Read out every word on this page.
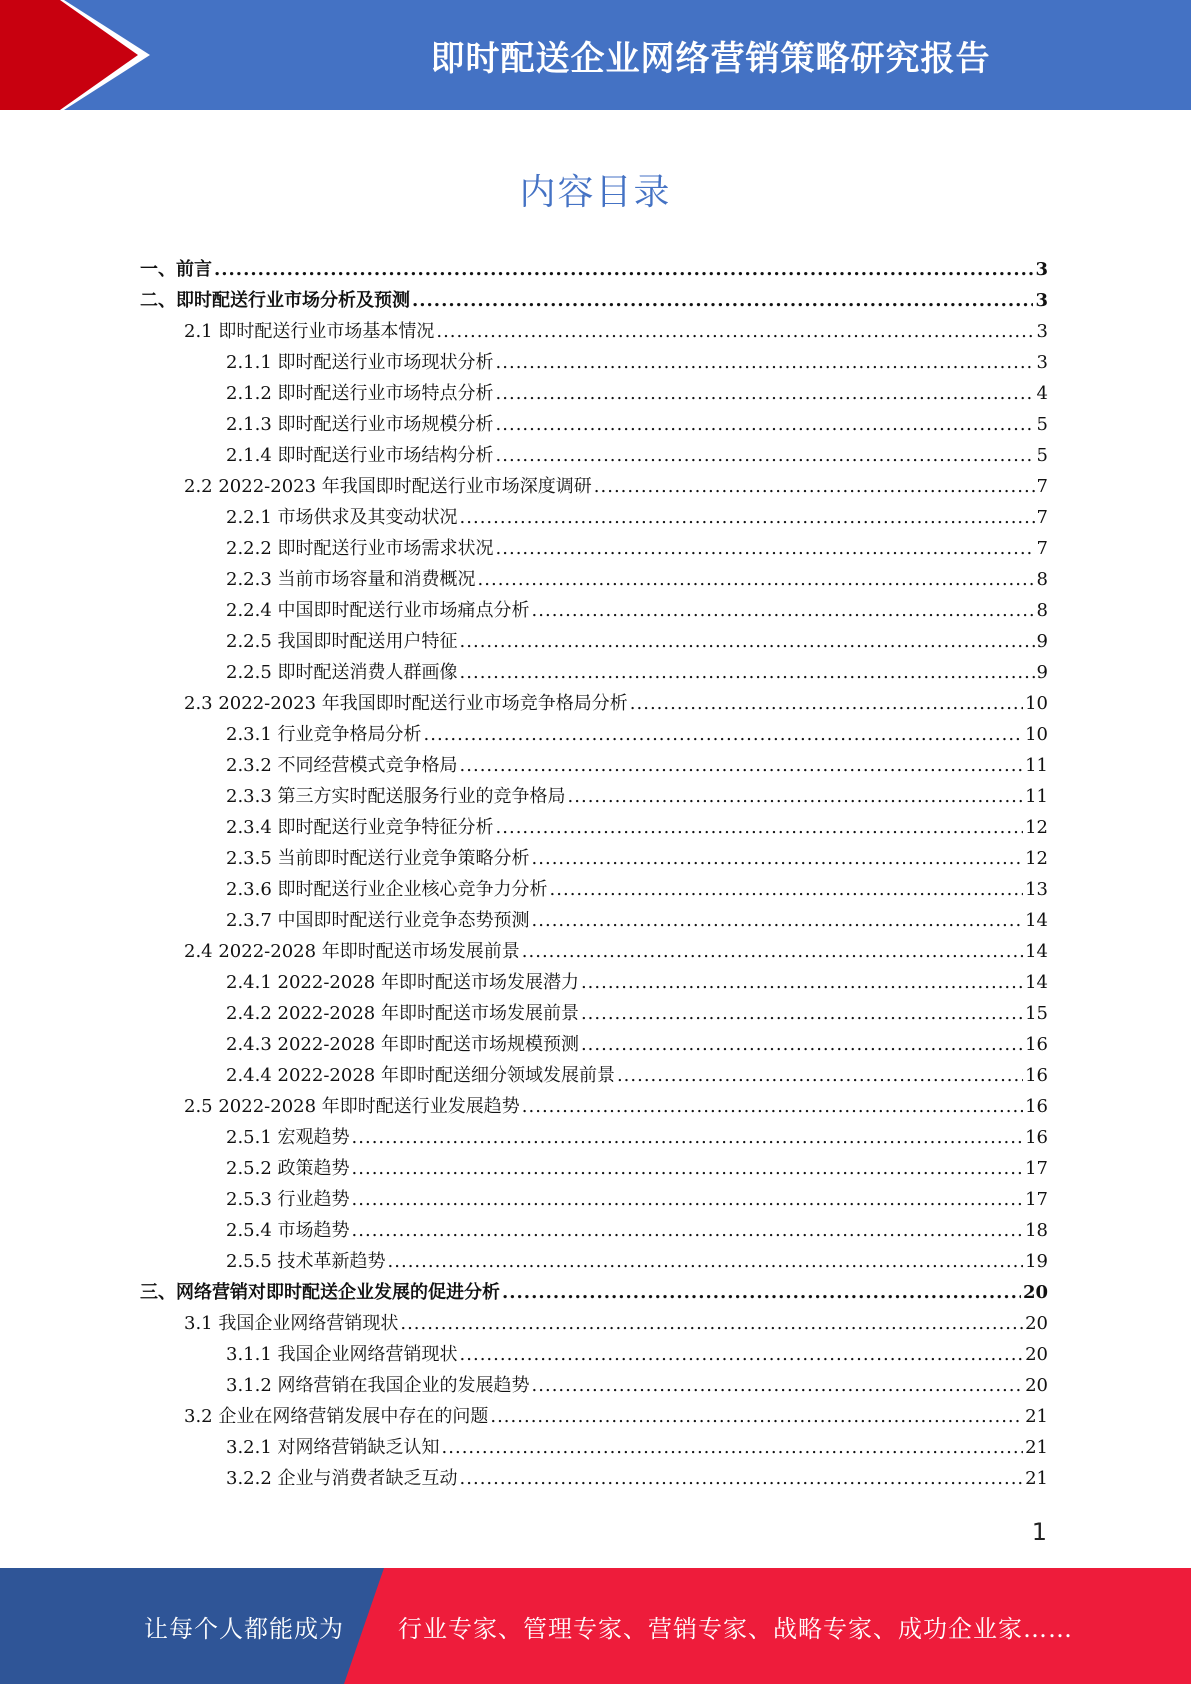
即时配送企业网络营销策略研究报告
内容目录
一、前言 .....	3
二、即时配送行业市场分析及预测 .....	3
2.1 即时配送行业市场基本情况 .....	3
2.1.1 即时配送行业市场现状分析 .....	3
2.1.2 即时配送行业市场特点分析 .....	4
2.1.3 即时配送行业市场规模分析 .....	5
2.1.4 即时配送行业市场结构分析 .....	5
2.2 2022-2023 年我国即时配送行业市场深度调研 .....	7
2.2.1 市场供求及其变动状况 .....	7
2.2.2 即时配送行业市场需求状况 .....	7
2.2.3 当前市场容量和消费概况 .....	8
2.2.4 中国即时配送行业市场痛点分析 .....	8
2.2.5 我国即时配送用户特征 .....	9
2.2.5 即时配送消费人群画像 .....	9
2.3 2022-2023 年我国即时配送行业市场竞争格局分析 .....	10
2.3.1 行业竞争格局分析 .....	10
2.3.2 不同经营模式竞争格局 .....	11
2.3.3 第三方实时配送服务行业的竞争格局 .....	11
2.3.4 即时配送行业竞争特征分析 .....	12
2.3.5 当前即时配送行业竞争策略分析 .....	12
2.3.6 即时配送行业企业核心竞争力分析 .....	13
2.3.7 中国即时配送行业竞争态势预测 .....	14
2.4 2022-2028 年即时配送市场发展前景 .....	14
2.4.1 2022-2028 年即时配送市场发展潜力 .....	14
2.4.2 2022-2028 年即时配送市场发展前景 .....	15
2.4.3 2022-2028 年即时配送市场规模预测 .....	16
2.4.4 2022-2028 年即时配送细分领域发展前景 .....	16
2.5 2022-2028 年即时配送行业发展趋势 .....	16
2.5.1 宏观趋势 .....	16
2.5.2 政策趋势 .....	17
2.5.3 行业趋势 .....	17
2.5.4 市场趋势 .....	18
2.5.5 技术革新趋势 .....	19
三、网络营销对即时配送企业发展的促进分析 .....	20
3.1 我国企业网络营销现状 .....	20
3.1.1 我国企业网络营销现状 .....	20
3.1.2 网络营销在我国企业的发展趋势 .....	20
3.2 企业在网络营销发展中存在的问题 .....	21
3.2.1 对网络营销缺乏认知 .....	21
3.2.2 企业与消费者缺乏互动 .....	21
1
让每个人都能成为 行业专家、管理专家、营销专家、战略专家、成功企业家……
